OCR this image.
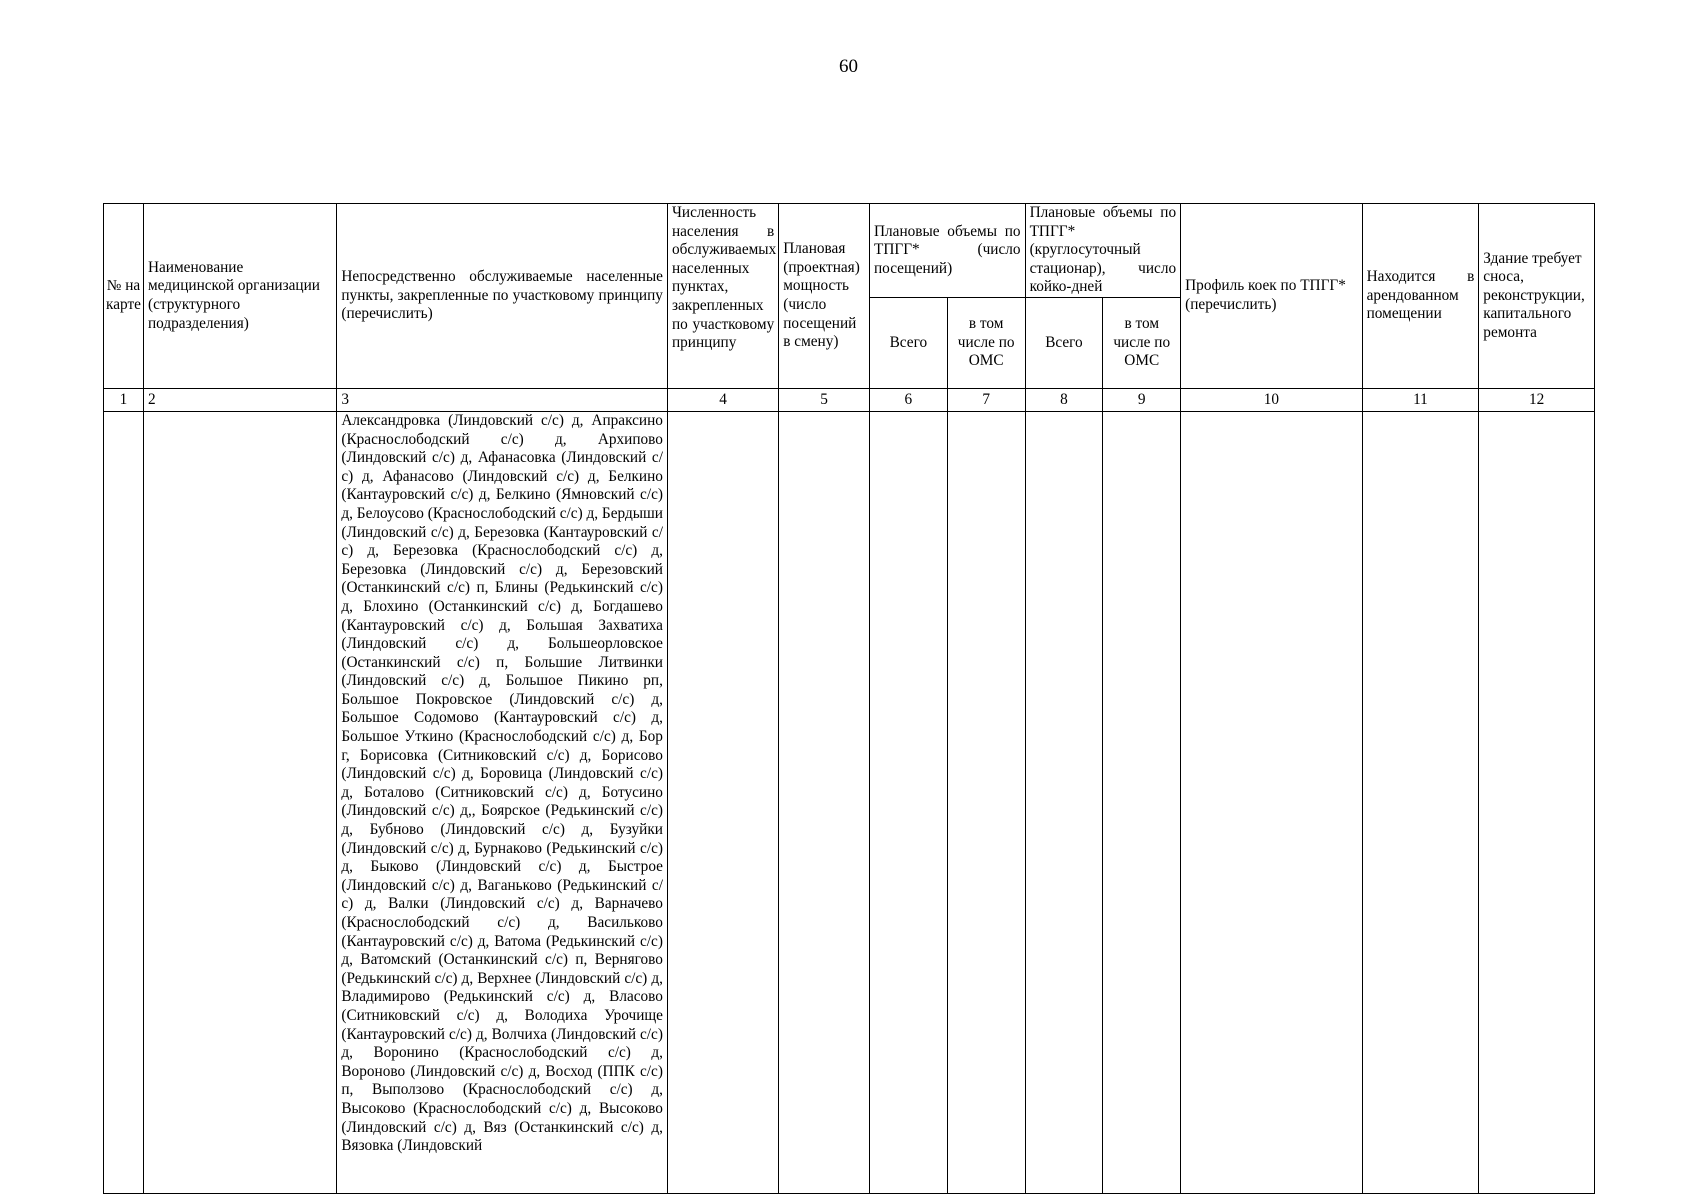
60
№ на карте	Наименование медицинской организации (структурного подразделения)	Непосредственно обслуживаемые населенные пункты, закрепленные по участковому принципу (перечислить)	Численность населения в обслуживаемых населенных пунктах, закрепленных по участковому принципу	Плановая (проектная) мощность (число посещений в смену)	Плановые объемы по ТПГГ* (число посещений)		Плановые объемы по ТПГГ* (круглосуточный стационар), число койко-дней		Профиль коек по ТПГГ* (перечислить)	Находится в арендованном помещении	Здание требует сноса, реконструкции, капитального ремонта
					Всего	в том числе по ОМС	Всего	в том числе по ОМС			
1	2	3	4	5	6	7	8	9	10	11	12

		Александровка (Линдовский с/с) д, Апраксино (Краснослободский с/с) д, Архипово (Линдовский с/с) д, Афанасовка (Линдовский с/с) д, Афанасово (Линдовский с/с) д, Белкино (Кантауровский с/с) д, Белкино (Ямновский с/с) д, Белоусово (Краснослободский с/с) д, Бердыши (Линдовский с/с) д, Березовка (Кантауровский с/с) д, Березовка (Краснослободский с/с) д, Березовка (Линдовский с/с) д, Березовский (Останкинский с/с) п, Блины (Редькинский с/с) д, Блохино (Останкинский с/с) д, Богдашево (Кантауровский с/с) д, Большая Захватиха (Линдовский с/с) д, Большеорловское (Останкинский с/с) п, Большие Литвинки (Линдовский с/с) д, Большое Пикино рп, Большое Покровское (Линдовский с/с) д, Большое Содомово (Кантауровский с/с) д, Большое Уткино (Краснослободский с/с) д, Бор г, Борисовка (Ситниковский с/с) д, Борисово (Линдовский с/с) д, Боровица (Линдовский с/с) д, Боталово (Ситниковский с/с) д, Ботусино (Линдовский с/с) д,, Боярское (Редькинский с/с) д, Бубново (Линдовский с/с) д, Бузуйки (Линдовский с/с) д, Бурнаково (Редькинский с/с) д, Быково (Линдовский с/с) д, Быстрое (Линдовский с/с) д, Ваганьково (Редькинский с/с) д, Валки (Линдовский с/с) д, Варначево (Краснослободский с/с) д, Васильково (Кантауровский с/с) д, Ватома (Редькинский с/с) д, Ватомский (Останкинский с/с) п, Вернягово (Редькинский с/с) д, Верхнее (Линдовский с/с) д, Владимирово (Редькинский с/с) д, Власово (Ситниковский с/с) д, Володиха Урочище (Кантауровский с/с) д, Волчиха (Линдовский с/с) д, Воронино (Краснослободский с/с) д, Вороново (Линдовский с/с) д, Восход (ППК с/с) п, Выползово (Краснослободский с/с) д, Высоково (Краснослободский с/с) д, Высоково (Линдовский с/с) д, Вяз (Останкинский с/с) д, Вязовка (Линдовский									
